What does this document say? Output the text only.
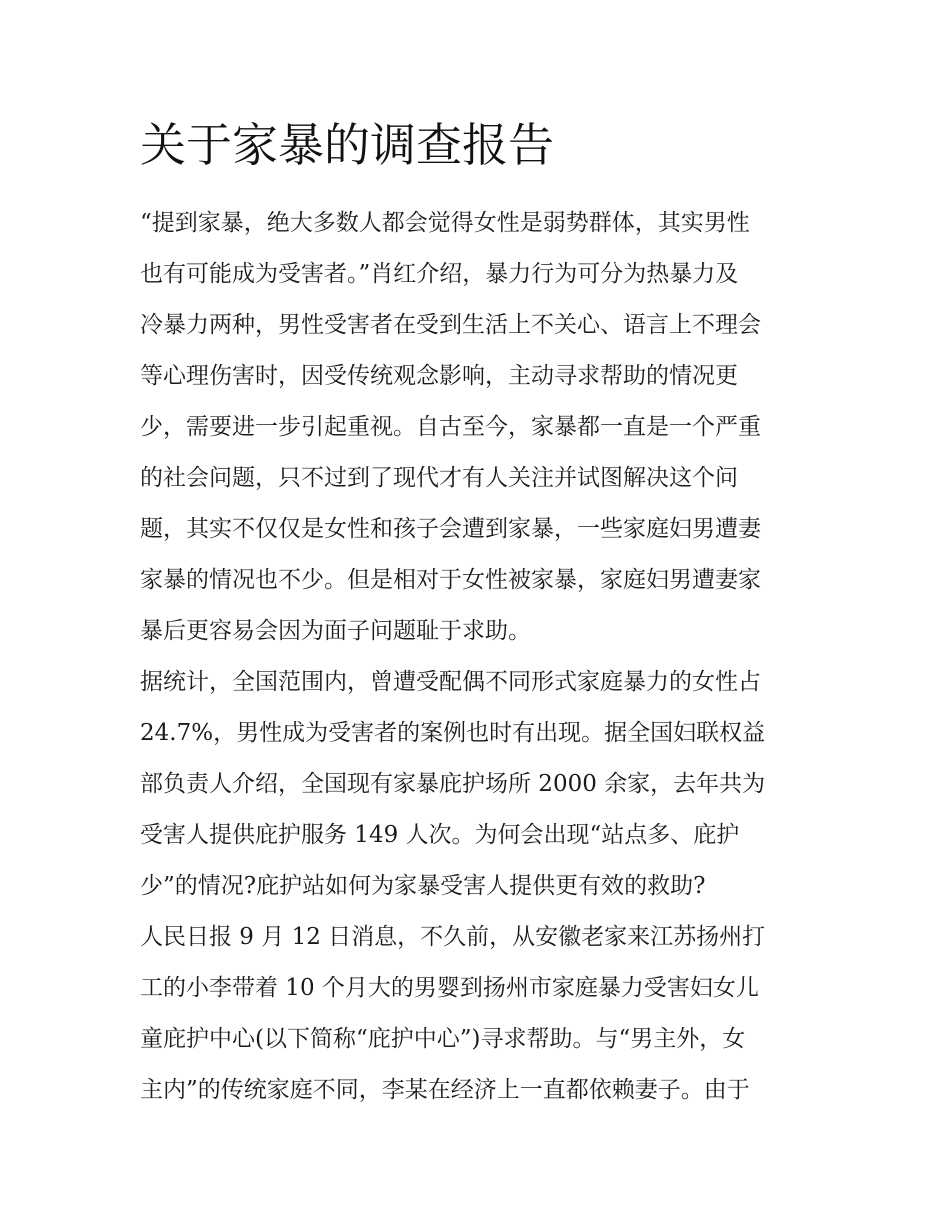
关于家暴的调查报告
“提到家暴，绝大多数人都会觉得女性是弱势群体，其实男性
也有可能成为受害者。”肖红介绍，暴力行为可分为热暴力及
冷暴力两种，男性受害者在受到生活上不关心、语言上不理会
等心理伤害时，因受传统观念影响，主动寻求帮助的情况更
少，需要进一步引起重视。自古至今，家暴都一直是一个严重
的社会问题，只不过到了现代才有人关注并试图解决这个问
题，其实不仅仅是女性和孩子会遭到家暴，一些家庭妇男遭妻
家暴的情况也不少。但是相对于女性被家暴，家庭妇男遭妻家
暴后更容易会因为面子问题耻于求助。
据统计，全国范围内，曾遭受配偶不同形式家庭暴力的女性占
24.7%，男性成为受害者的案例也时有出现。据全国妇联权益
部负责人介绍，全国现有家暴庇护场所 2000 余家，去年共为
受害人提供庇护服务 149 人次。为何会出现“站点多、庇护
少”的情况?庇护站如何为家暴受害人提供更有效的救助?
人民日报 9 月 12 日消息，不久前，从安徽老家来江苏扬州打
工的小李带着 10 个月大的男婴到扬州市家庭暴力受害妇女儿
童庇护中心(以下简称“庇护中心”)寻求帮助。与“男主外，女
主内”的传统家庭不同，李某在经济上一直都依赖妻子。由于
